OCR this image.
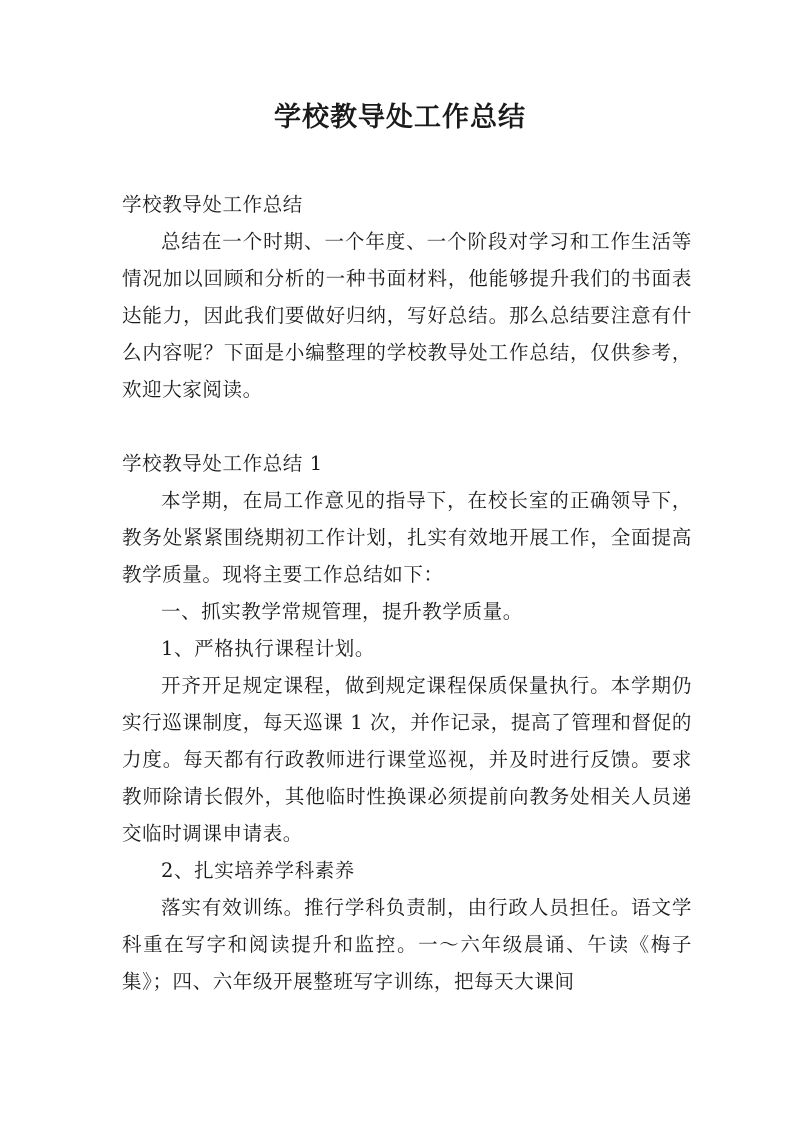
学校教导处工作总结

学校教导处工作总结

总结在一个时期、一个年度、一个阶段对学习和工作生活等情况加以回顾和分析的一种书面材料，他能够提升我们的书面表达能力，因此我们要做好归纳，写好总结。那么总结要注意有什么内容呢？下面是小编整理的学校教导处工作总结，仅供参考，欢迎大家阅读。

学校教导处工作总结 1

本学期，在局工作意见的指导下，在校长室的正确领导下，教务处紧紧围绕期初工作计划，扎实有效地开展工作，全面提高教学质量。现将主要工作总结如下：

一、抓实教学常规管理，提升教学质量。

1、严格执行课程计划。

开齐开足规定课程，做到规定课程保质保量执行。本学期仍实行巡课制度，每天巡课 1 次，并作记录，提高了管理和督促的力度。每天都有行政教师进行课堂巡视，并及时进行反馈。要求教师除请长假外，其他临时性换课必须提前向教务处相关人员递交临时调课申请表。

2、扎实培养学科素养

落实有效训练。推行学科负责制，由行政人员担任。语文学科重在写字和阅读提升和监控。一～六年级晨诵、午读《梅子集》；四、六年级开展整班写字训练，把每天大课间
